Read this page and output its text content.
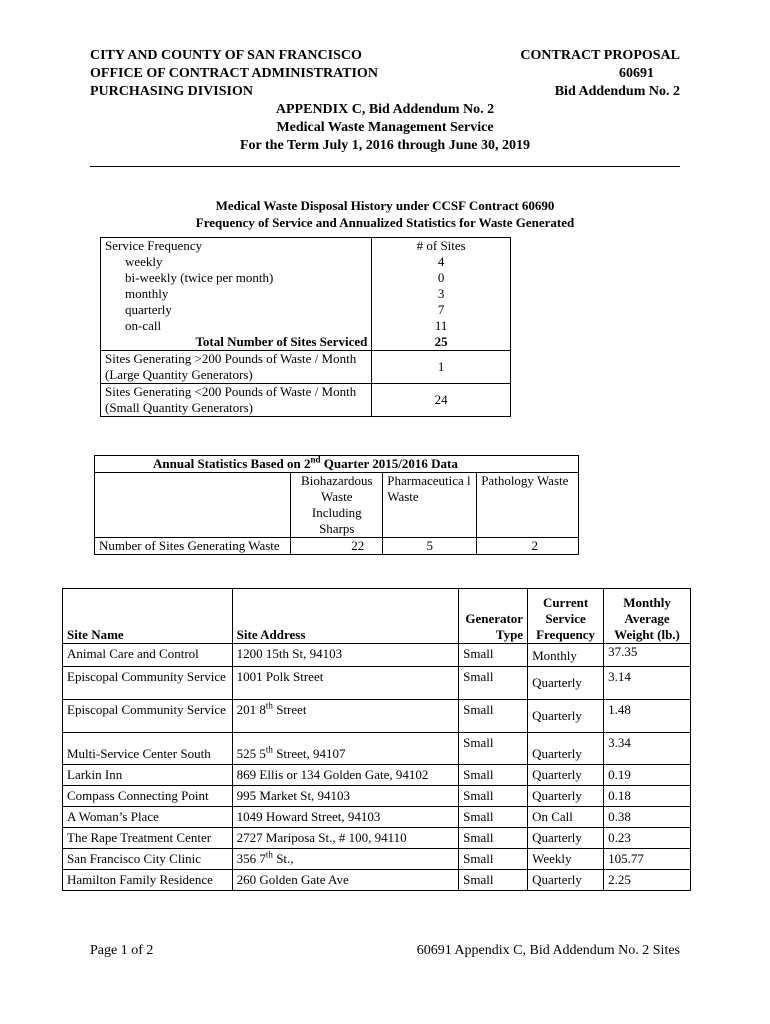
CITY AND COUNTY OF SAN FRANCISCO
OFFICE OF CONTRACT ADMINISTRATION
PURCHASING DIVISION
CONTRACT PROPOSAL
60691
Bid Addendum No. 2
APPENDIX C, Bid Addendum No. 2
Medical Waste Management Service
For the Term July 1, 2016 through June 30, 2019
Medical Waste Disposal History under CCSF Contract 60690
Frequency of Service and Annualized Statistics for Waste Generated
Service Frequency	# of Sites
weekly	4
bi-weekly (twice per month)	0
monthly	3
quarterly	7
on-call	11
Total Number of Sites Serviced	25
Sites Generating >200 Pounds of Waste / Month (Large Quantity Generators)	1
Sites Generating <200 Pounds of Waste / Month (Small Quantity Generators)	24
Annual Statistics Based on 2nd Quarter 2015/2016 Data			
	Biohazardous Waste Including Sharps	Pharmaceutica l Waste	Pathology Waste
Number of Sites Generating Waste	22	5	2
Site Name	Site Address	Generator Type	Current Service Frequency	Monthly Average Weight (lb.)
Animal Care and Control	1200 15th St, 94103	Small	Monthly	37.35
Episcopal Community Service	1001 Polk Street	Small	Quarterly	3.14
Episcopal Community Service	201 8th Street	Small	Quarterly	1.48
Multi-Service Center South	525 5th Street, 94107	Small	Quarterly	3.34
Larkin Inn	869 Ellis or 134 Golden Gate, 94102	Small	Quarterly	0.19
Compass Connecting Point	995 Market St, 94103	Small	Quarterly	0.18
A Woman’s Place	1049 Howard Street, 94103	Small	On Call	0.38
The Rape Treatment Center	2727 Mariposa St., # 100, 94110	Small	Quarterly	0.23
San Francisco City Clinic	356 7th St.,	Small	Weekly	105.77
Hamilton Family Residence	260 Golden Gate Ave	Small	Quarterly	2.25
Page 1 of 2	60691 Appendix C, Bid Addendum No. 2 Sites
